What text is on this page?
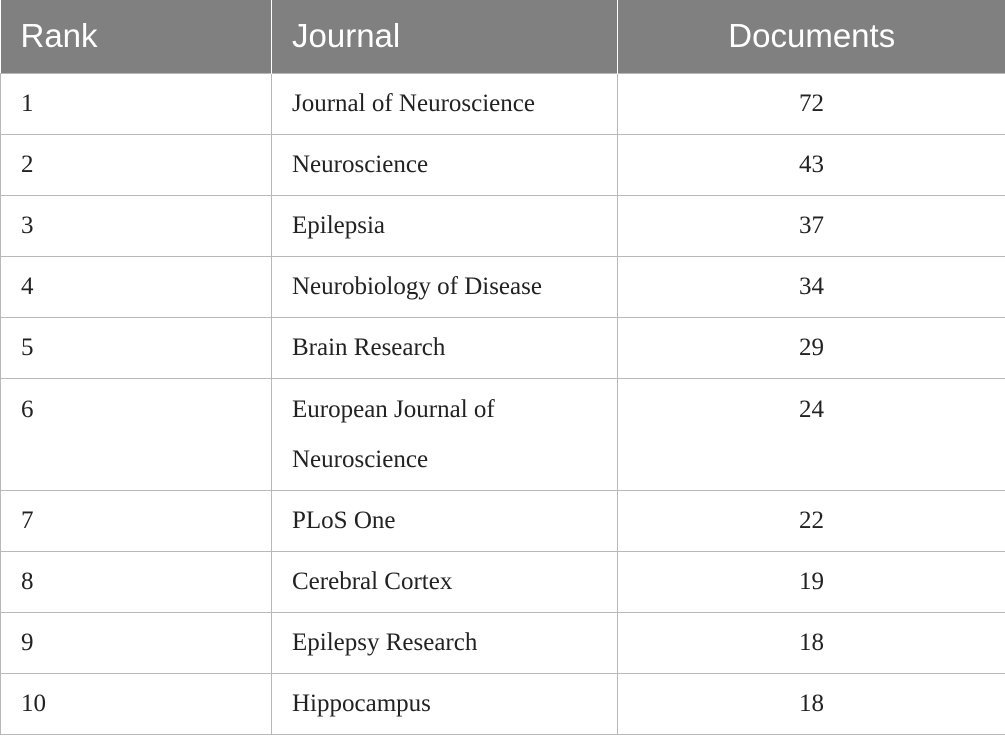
Rank	Journal	Documents
1	Journal of Neuroscience	72
2	Neuroscience	43
3	Epilepsia	37
4	Neurobiology of Disease	34
5	Brain Research	29
6	European Journal of Neuroscience	24
7	PLoS One	22
8	Cerebral Cortex	19
9	Epilepsy Research	18
10	Hippocampus	18
